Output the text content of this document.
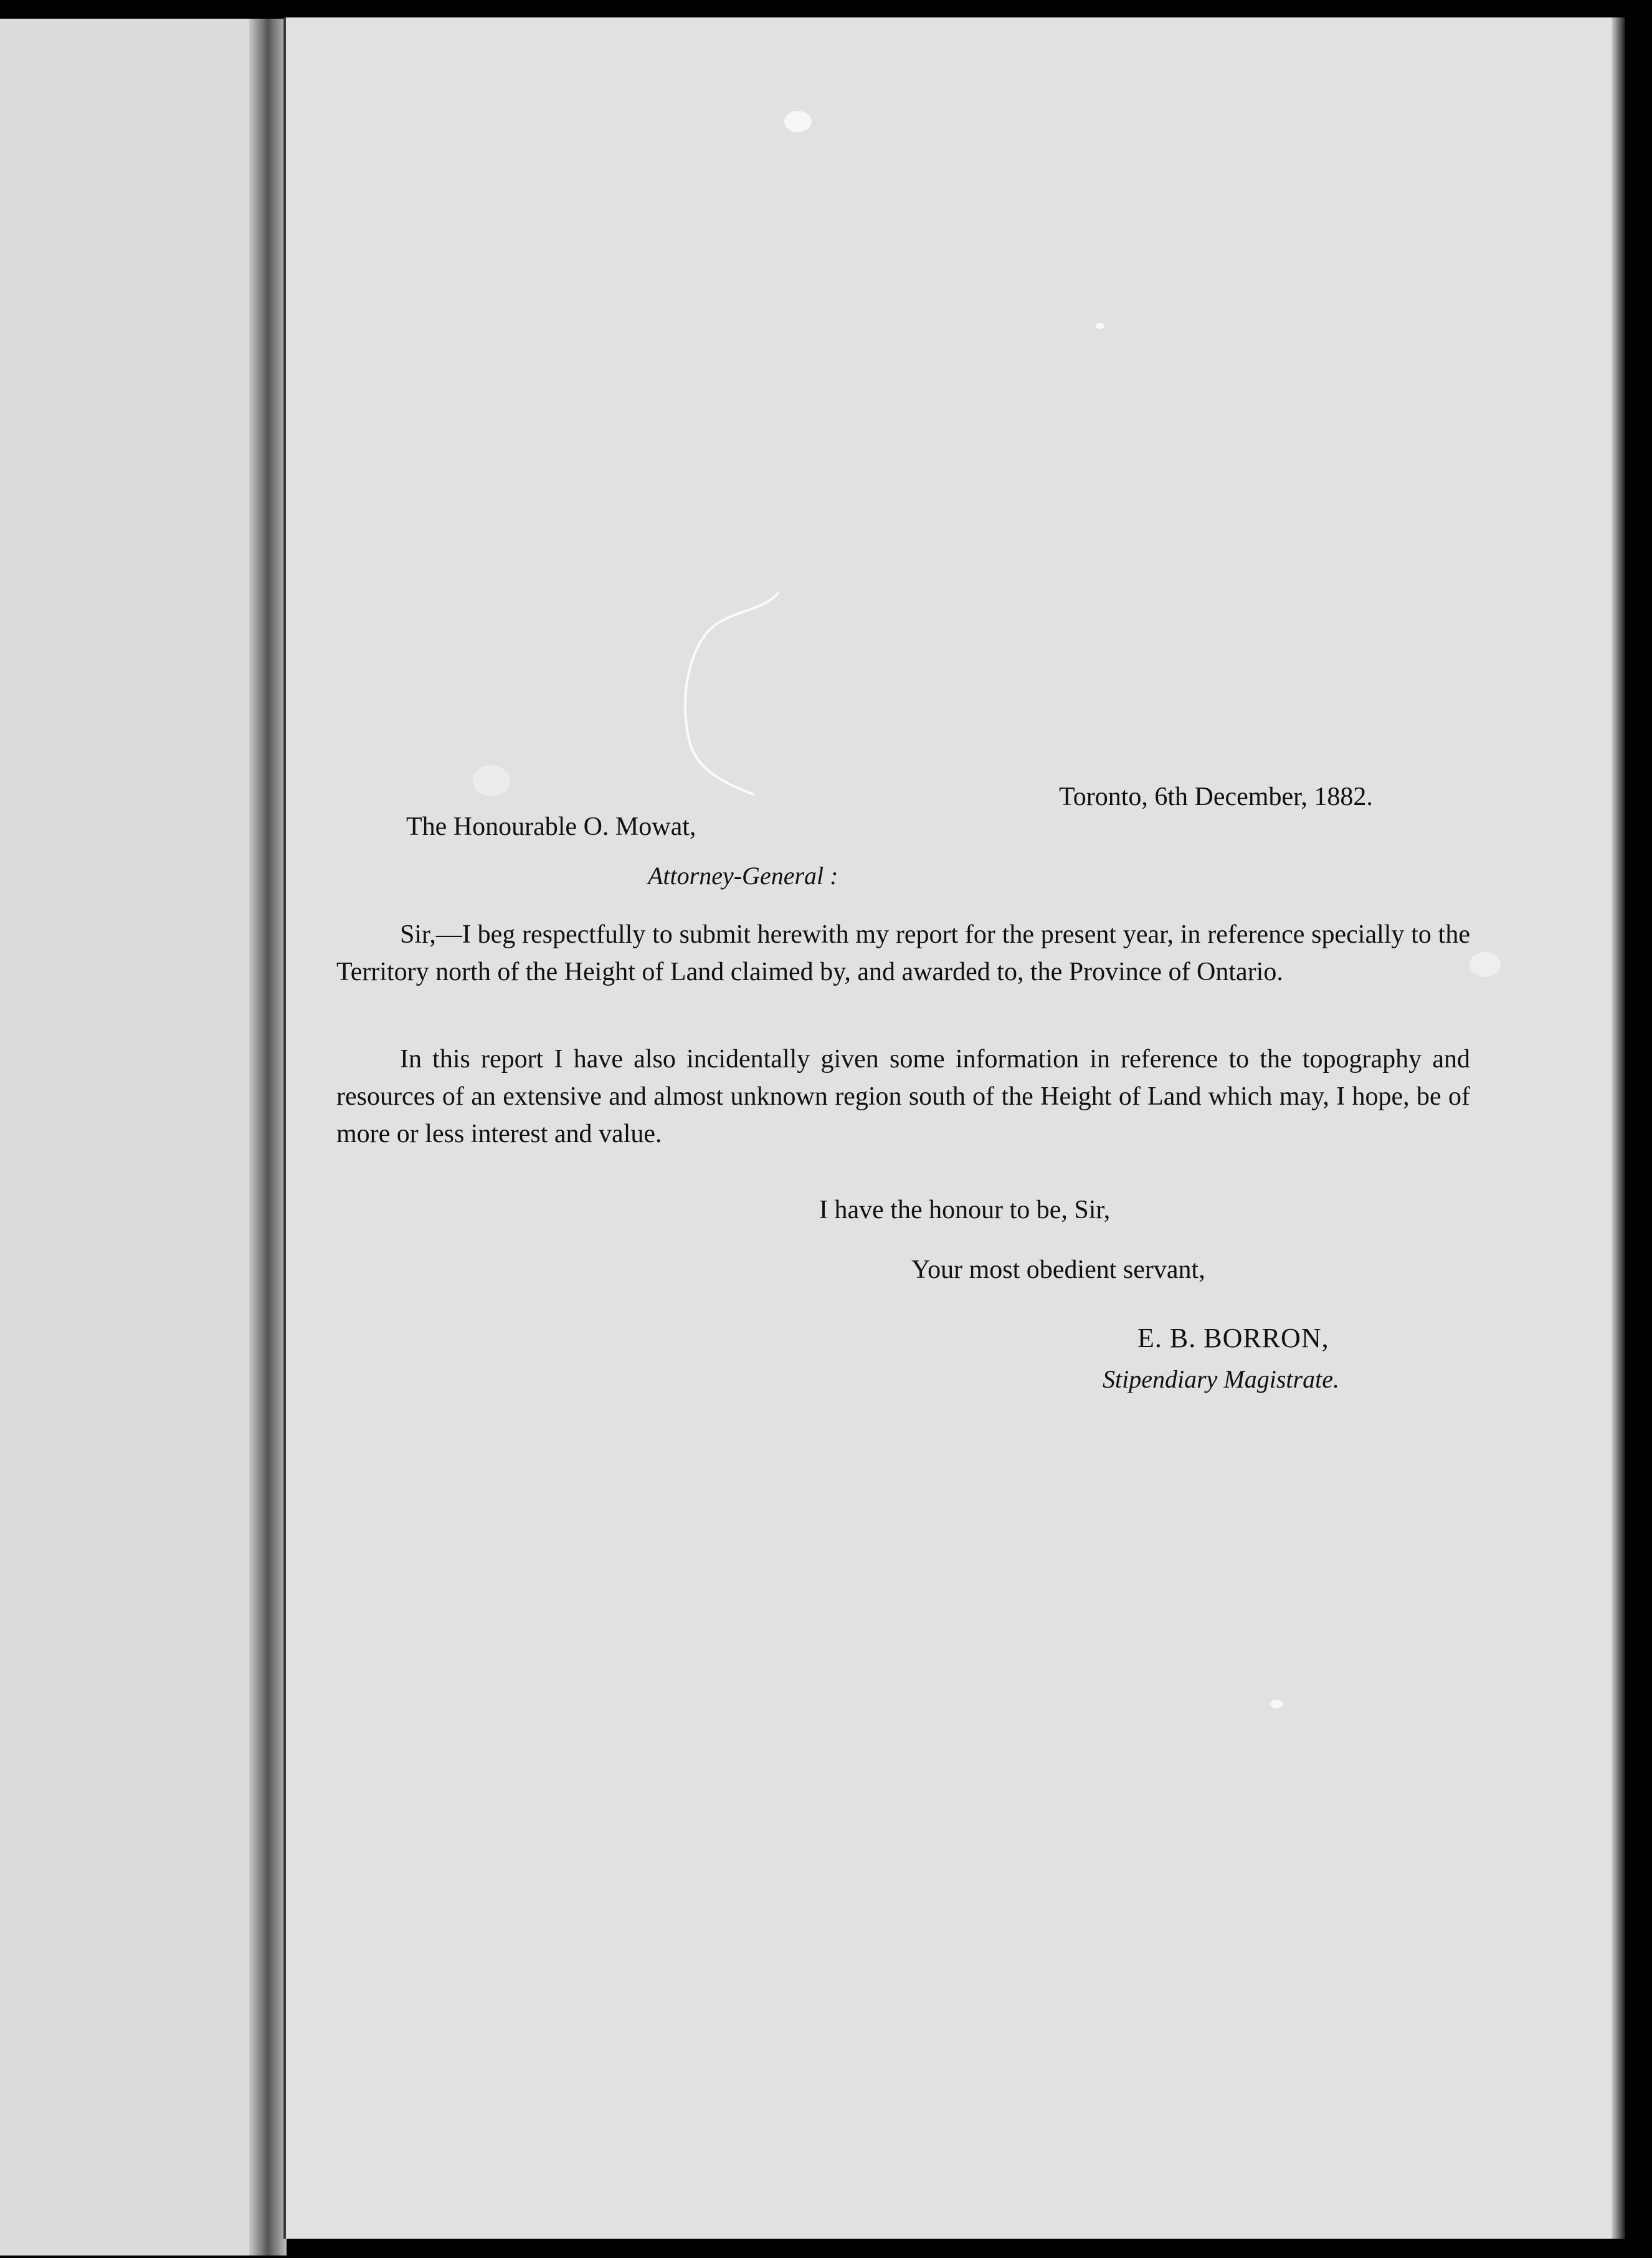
Toronto, 6th December, 1882.
The Honourable O. Mowat,
Attorney-General :
Sir,—I beg respectfully to submit herewith my report for the present year, in reference specially to the Territory north of the Height of Land claimed by, and awarded to, the Province of Ontario.
In this report I have also incidentally given some information in reference to the topography and resources of an extensive and almost unknown region south of the Height of Land which may, I hope, be of more or less interest and value.
I have the honour to be, Sir,
Your most obedient servant,
E. B. BORRON,
Stipendiary Magistrate.
